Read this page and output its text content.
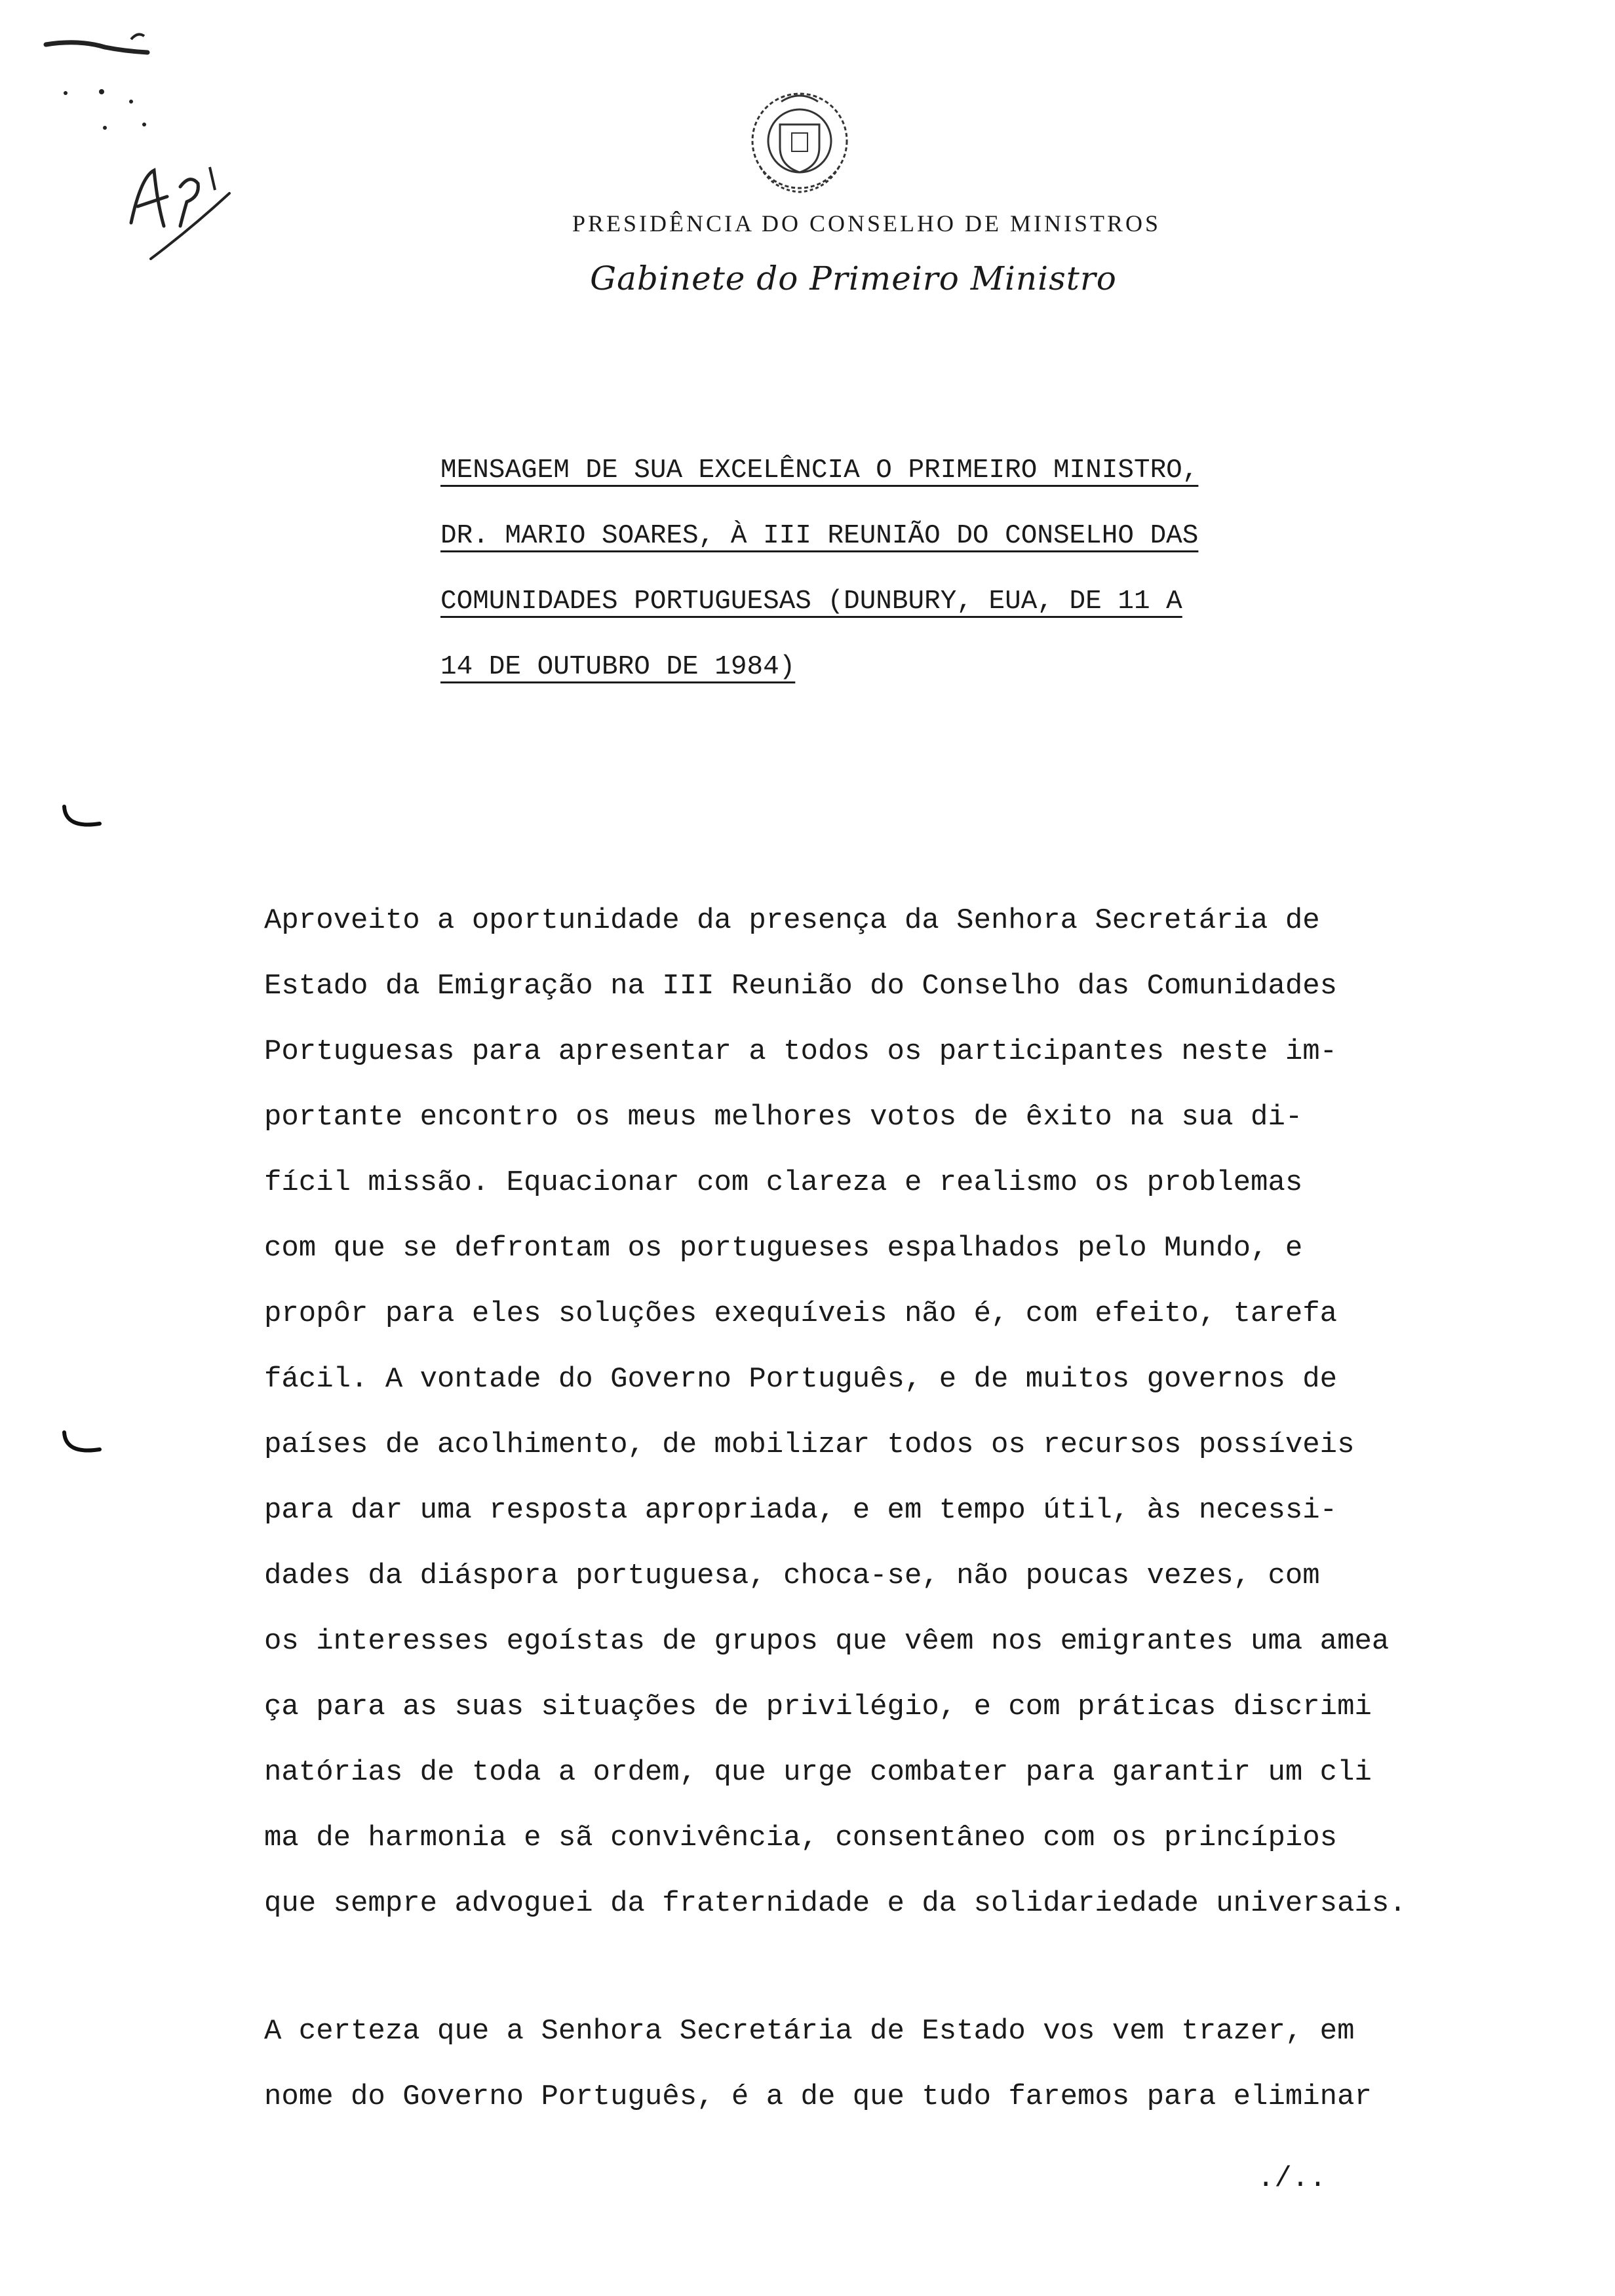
PRESIDÊNCIA DO CONSELHO DE MINISTROS
Gabinete do Primeiro Ministro
MENSAGEM DE SUA EXCELÊNCIA O PRIMEIRO MINISTRO,
DR. MARIO SOARES, À III REUNIÃO DO CONSELHO DAS
COMUNIDADES PORTUGUESAS (DUNBURY, EUA, DE 11 A
14 DE OUTUBRO DE 1984)
Aproveito a oportunidade da presença da Senhora Secretária de
Estado da Emigração na III Reunião do Conselho das Comunidades
Portuguesas para apresentar a todos os participantes neste im-
portante encontro os meus melhores votos de êxito na sua di-
fícil missão. Equacionar com clareza e realismo os problemas
com que se defrontam os portugueses espalhados pelo Mundo, e
propôr para eles soluções exequíveis não é, com efeito, tarefa
fácil. A vontade do Governo Português, e de muitos governos de
países de acolhimento, de mobilizar todos os recursos possíveis
para dar uma resposta apropriada, e em tempo útil, às necessi-
dades da diáspora portuguesa, choca-se, não poucas vezes, com
os interesses egoístas de grupos que vêem nos emigrantes uma amea
ça para as suas situações de privilégio, e com práticas discrimi
natórias de toda a ordem, que urge combater para garantir um cli
ma de harmonia e sã convivência, consentâneo com os princípios
que sempre advoguei da fraternidade e da solidariedade universais.
A certeza que a Senhora Secretária de Estado vos vem trazer, em
nome do Governo Português, é a de que tudo faremos para eliminar
./..
